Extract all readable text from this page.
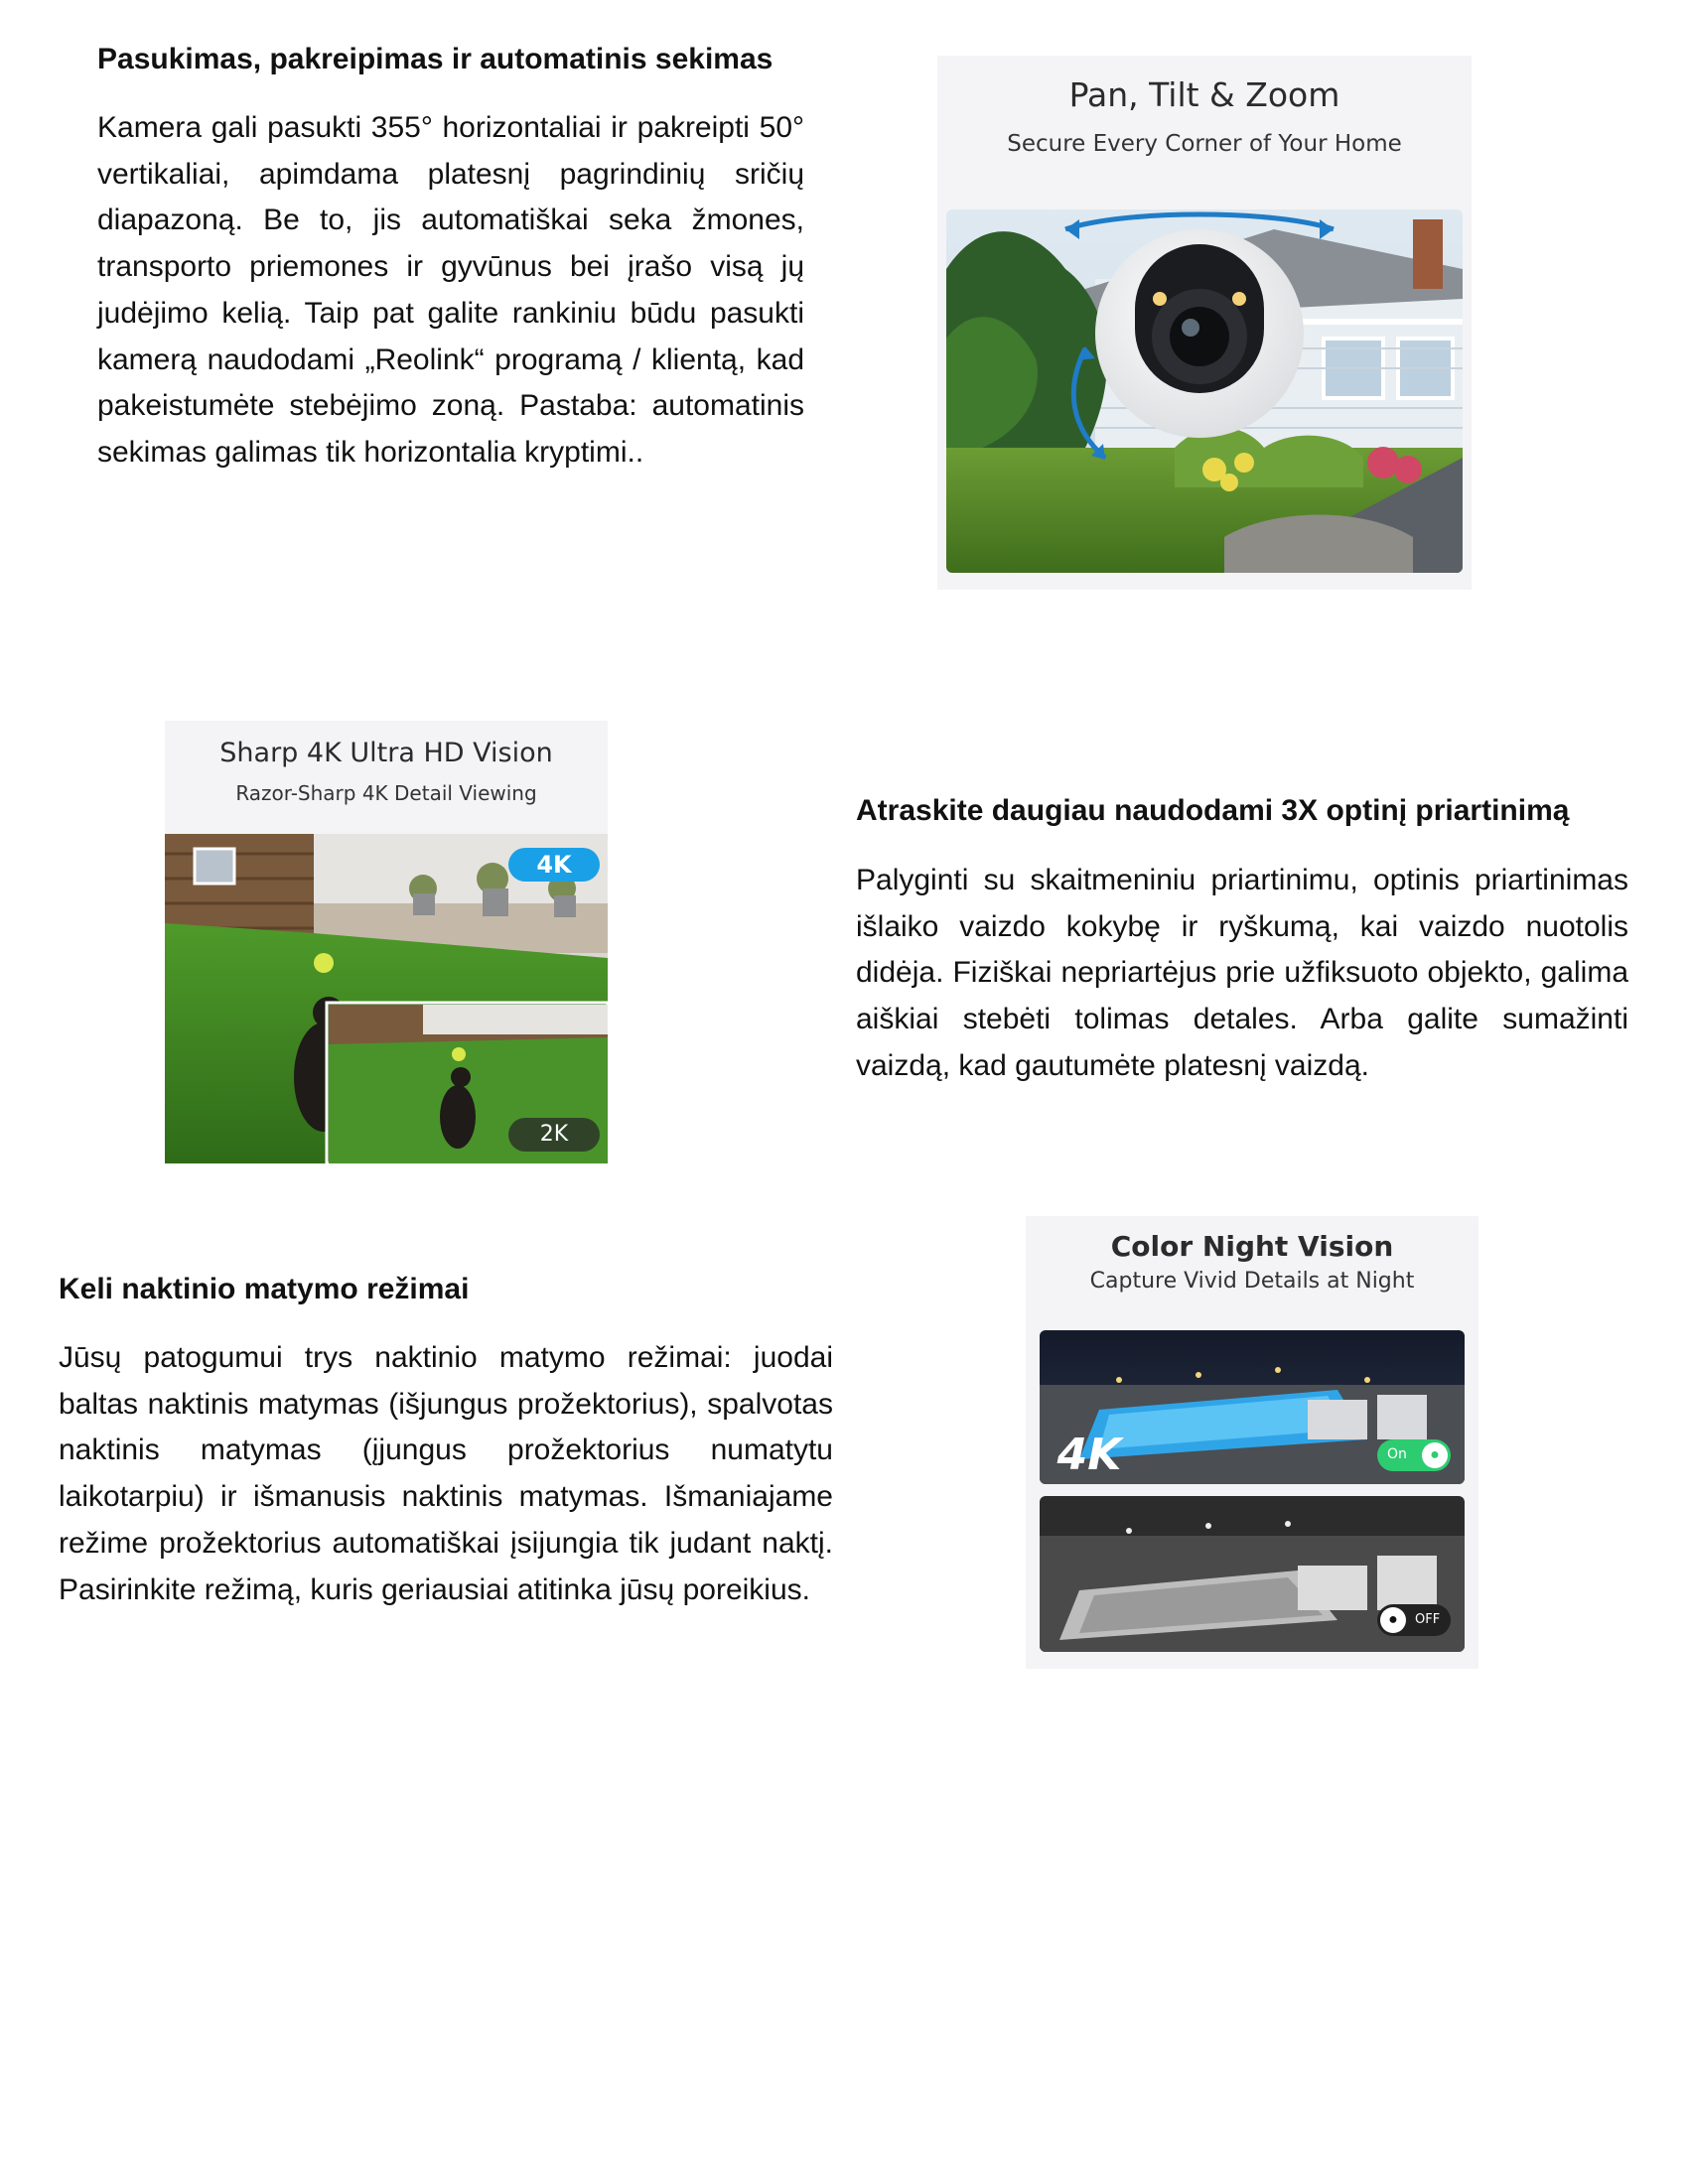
Pasukimas, pakreipimas ir automatinis sekimas

Kamera gali pasukti 355° horizontaliai ir pakreipti 50° vertikaliai, apimdama platesnį pagrindinių sričių diapazoną. Be to, jis automatiškai seka žmones, transporto priemones ir gyvūnus bei įrašo visą jų judėjimo kelią. Taip pat galite rankiniu būdu pasukti kamerą naudodami „Reolink“ programą / klientą, kad pakeistumėte stebėjimo zoną. Pastaba: automatinis sekimas galimas tik horizontalia kryptimi..

Pan, Tilt & Zoom
Secure Every Corner of Your Home
Sharp 4K Ultra HD Vision
Razor-Sharp 4K Detail Viewing
4K
2K
Atraskite daugiau naudodami 3X optinį priartinimą

Palyginti su skaitmeniniu priartinimu, optinis priartinimas išlaiko vaizdo kokybę ir ryškumą, kai vaizdo nuotolis didėja. Fiziškai nepriartėjus prie užfiksuoto objekto, galima aiškiai stebėti tolimas detales. Arba galite sumažinti vaizdą, kad gautumėte platesnį vaizdą.

Keli naktinio matymo režimai

Jūsų patogumui trys naktinio matymo režimai: juodai baltas naktinis matymas (išjungus prožektorius), spalvotas naktinis matymas (įjungus prožektorius numatytu laikotarpiu) ir išmanusis naktinis matymas. Išmaniajame režime prožektorius automatiškai įsijungia tik judant naktį. Pasirinkite režimą, kuris geriausiai atitinka jūsų poreikius.

Color Night Vision
Capture Vivid Details at Night
4K	On	●
●	OFF
